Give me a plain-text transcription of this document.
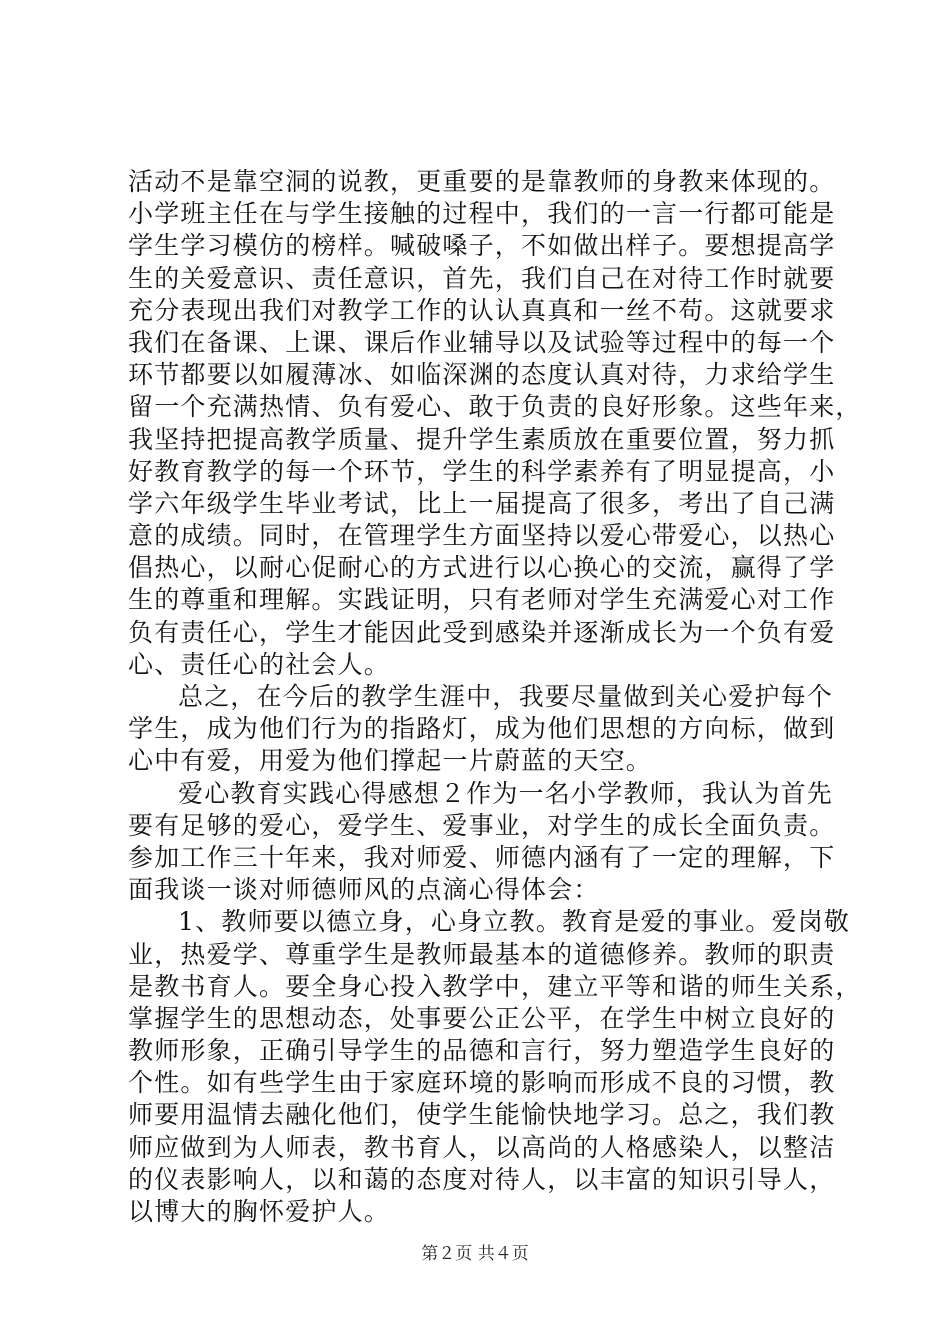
活动不是靠空洞的说教，更重要的是靠教师的身教来体现的。
小学班主任在与学生接触的过程中，我们的一言一行都可能是
学生学习模仿的榜样。喊破嗓子，不如做出样子。要想提高学
生的关爱意识、责任意识，首先，我们自己在对待工作时就要
充分表现出我们对教学工作的认认真真和一丝不苟。这就要求
我们在备课、上课、课后作业辅导以及试验等过程中的每一个
环节都要以如履薄冰、如临深渊的态度认真对待，力求给学生
留一个充满热情、负有爱心、敢于负责的良好形象。这些年来，
我坚持把提高教学质量、提升学生素质放在重要位置，努力抓
好教育教学的每一个环节，学生的科学素养有了明显提高，小
学六年级学生毕业考试，比上一届提高了很多，考出了自己满
意的成绩。同时，在管理学生方面坚持以爱心带爱心，以热心
倡热心，以耐心促耐心的方式进行以心换心的交流，赢得了学
生的尊重和理解。实践证明，只有老师对学生充满爱心对工作
负有责任心，学生才能因此受到感染并逐渐成长为一个负有爱
心、责任心的社会人。
总之，在今后的教学生涯中，我要尽量做到关心爱护每个
学生，成为他们行为的指路灯，成为他们思想的方向标，做到
心中有爱，用爱为他们撑起一片蔚蓝的天空。
爱心教育实践心得感想２作为一名小学教师，我认为首先
要有足够的爱心，爱学生、爱事业，对学生的成长全面负责。
参加工作三十年来，我对师爱、师德内涵有了一定的理解，下
面我谈一谈对师德师风的点滴心得体会：
1、教师要以德立身，心身立教。教育是爱的事业。爱岗敬
业，热爱学、尊重学生是教师最基本的道德修养。教师的职责
是教书育人。要全身心投入教学中，建立平等和谐的师生关系，
掌握学生的思想动态，处事要公正公平，在学生中树立良好的
教师形象，正确引导学生的品德和言行，努力塑造学生良好的
个性。如有些学生由于家庭环境的影响而形成不良的习惯，教
师要用温情去融化他们，使学生能愉快地学习。总之，我们教
师应做到为人师表，教书育人，以高尚的人格感染人，以整洁
的仪表影响人，以和蔼的态度对待人，以丰富的知识引导人，
以博大的胸怀爱护人。
第２页 共４页
